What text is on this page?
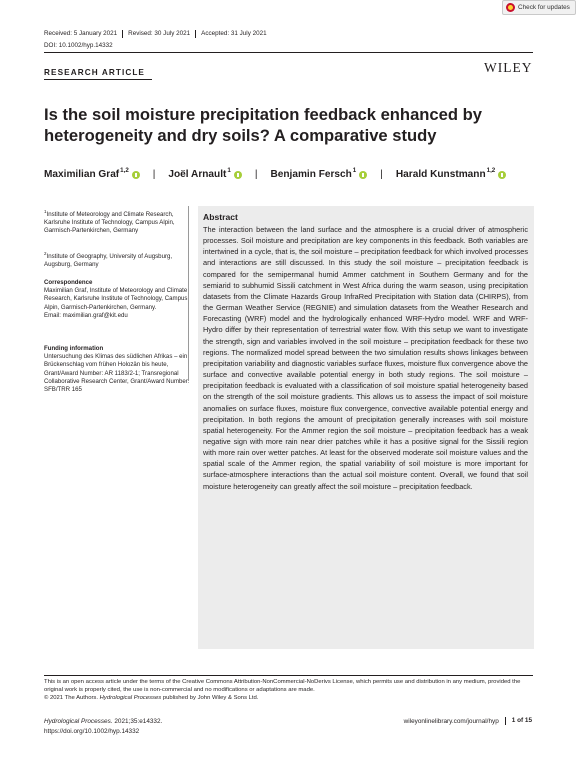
Check for updates
Received: 5 January 2021	Revised: 30 July 2021	Accepted: 31 July 2021
DOI: 10.1002/hyp.14332
RESEARCH ARTICLE	WILEY
Is the soil moisture precipitation feedback enhanced by heterogeneity and dry soils? A comparative study
Maximilian Graf$^{1,2}$ | Joël Arnault$^1$ | Benjamin Fersch$^1$ | Harald Kunstmann$^{1,2}$
$^1$Institute of Meteorology and Climate Research, Karlsruhe Institute of Technology, Campus Alpin, Garmisch-Partenkirchen, Germany
$^2$Institute of Geography, University of Augsburg, Augsburg, Germany
Correspondence
Maximilian Graf, Institute of Meteorology and Climate Research, Karlsruhe Institute of Technology, Campus Alpin, Garmisch-Partenkirchen, Germany.
Email: maximilian.graf@kit.edu
Funding information
Untersuchung des Klimas des südlichen Afrikas – ein Brückenschlag vom frühen Holozän bis heute, Grant/Award Number: AR 1183/2-1; Transregional Collaborative Research Center, Grant/Award Number: SFB/TRR 165
Abstract

The interaction between the land surface and the atmosphere is a crucial driver of atmospheric processes. Soil moisture and precipitation are key components in this feedback. Both variables are intertwined in a cycle, that is, the soil moisture – precipitation feedback for which involved processes and interactions are still discussed. In this study the soil moisture – precipitation feedback is compared for the semipermanal humid Ammer catchment in Southern Germany and for the semiarid to subhumid Sissili catchment in West Africa during the warm season, using precipitation datasets from the Climate Hazards Group InfraRed Precipitation with Station data (CHIRPS), from the German Weather Service (REGNIE) and simulation datasets from the Weather Research and Forecasting (WRF) model and the hydrologically enhanced WRF-Hydro model. WRF and WRF-Hydro differ by their representation of terrestrial water flow. With this setup we want to investigate the strength, sign and variables involved in the soil moisture – precipitation feedback for these two regions. The normalized model spread between the two simulation results shows linkages between precipitation variability and diagnostic variables surface fluxes, moisture flux convergence above the surface and convective available potential energy in both study regions. The soil moisture – precipitation feedback is evaluated with a classification of soil moisture spatial heterogeneity based on the strength of the soil moisture gradients. This allows us to assess the impact of soil moisture anomalies on surface fluxes, moisture flux convergence, convective available potential energy and precipitation. In both regions the amount of precipitation generally increases with soil moisture spatial heterogeneity. For the Ammer region the soil moisture – precipitation feedback has a weak negative sign with more rain near drier patches while it has a positive signal for the Sissili region with more rain over wetter patches. At least for the observed moderate soil moisture values and the spatial scale of the Ammer region, the spatial variability of soil moisture is more important for surface-atmosphere interactions than the actual soil moisture content. Overall, we found that soil moisture heterogeneity can greatly affect the soil moisture – precipitation feedback.

This is an open access article under the terms of the Creative Commons Attribution-NonCommercial-NoDerivs License, which permits use and distribution in any medium, provided the original work is properly cited, the use is non-commercial and no modifications or adaptations are made.
© 2021 The Authors. Hydrological Processes published by John Wiley & Sons Ltd.
Hydrological Processes. 2021;35:e14332.
https://doi.org/10.1002/hyp.14332
wileyonlinelibrary.com/journal/hyp	1 of 15
